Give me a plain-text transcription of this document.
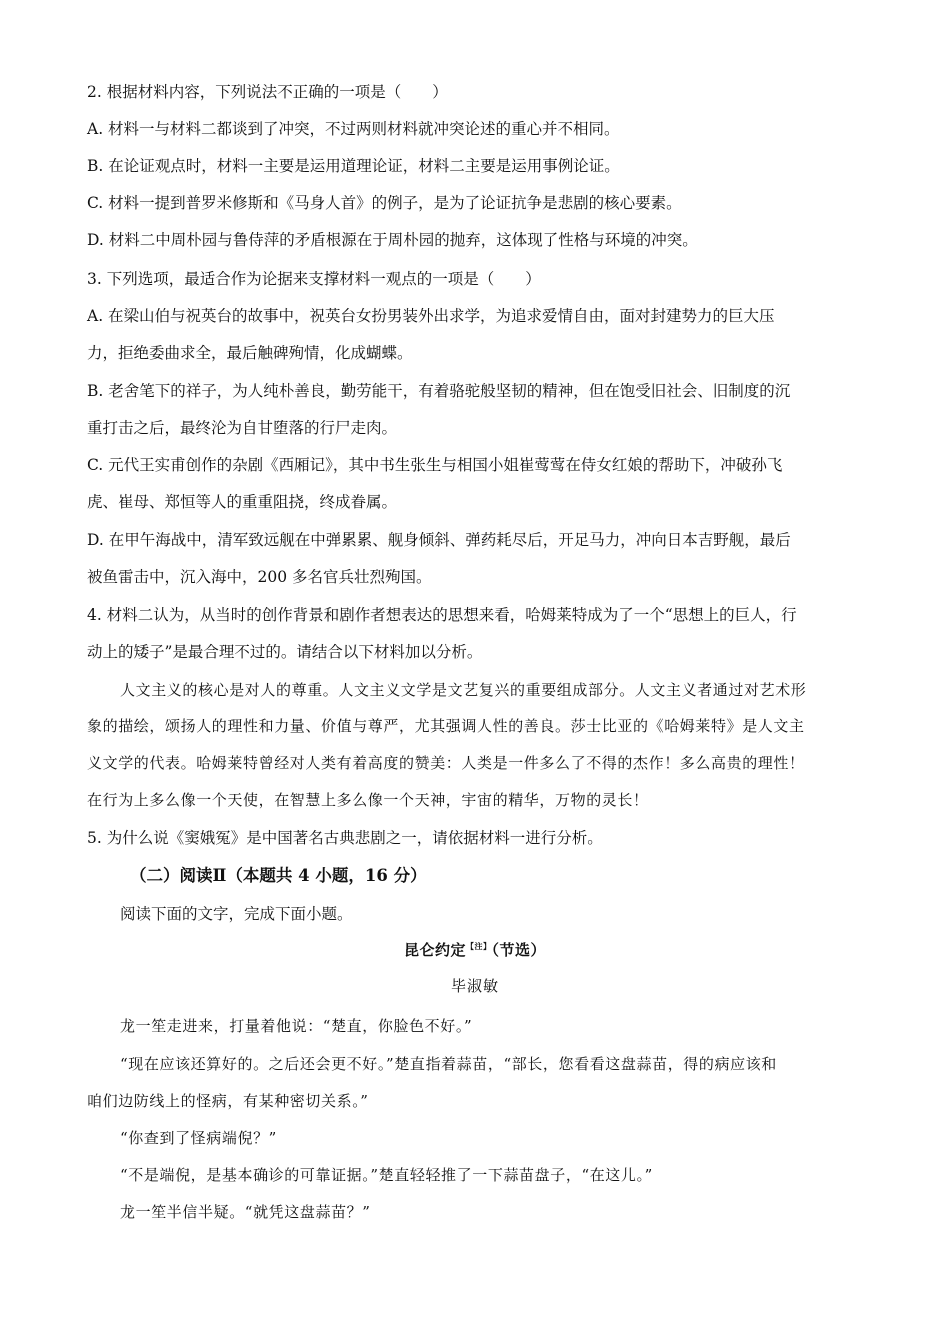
2. 根据材料内容，下列说法不正确的一项是（　　）
A. 材料一与材料二都谈到了冲突，不过两则材料就冲突论述的重心并不相同。
B. 在论证观点时，材料一主要是运用道理论证，材料二主要是运用事例论证。
C. 材料一提到普罗米修斯和《马身人首》的例子，是为了论证抗争是悲剧的核心要素。
D. 材料二中周朴园与鲁侍萍的矛盾根源在于周朴园的抛弃，这体现了性格与环境的冲突。
3. 下列选项，最适合作为论据来支撑材料一观点的一项是（　　）
A. 在梁山伯与祝英台的故事中，祝英台女扮男装外出求学，为追求爱情自由，面对封建势力的巨大压
力，拒绝委曲求全，最后触碑殉情，化成蝴蝶。
B. 老舍笔下的祥子，为人纯朴善良，勤劳能干，有着骆驼般坚韧的精神，但在饱受旧社会、旧制度的沉
重打击之后，最终沦为自甘堕落的行尸走肉。
C. 元代王实甫创作的杂剧《西厢记》，其中书生张生与相国小姐崔莺莺在侍女红娘的帮助下，冲破孙飞
虎、崔母、郑恒等人的重重阻挠，终成眷属。
D. 在甲午海战中，清军致远舰在中弹累累、舰身倾斜、弹药耗尽后，开足马力，冲向日本吉野舰，最后
被鱼雷击中，沉入海中，200 多名官兵壮烈殉国。
4. 材料二认为，从当时的创作背景和剧作者想表达的思想来看，哈姆莱特成为了一个“思想上的巨人，行
动上的矮子”是最合理不过的。请结合以下材料加以分析。
人文主义的核心是对人的尊重。人文主义文学是文艺复兴的重要组成部分。人文主义者通过对艺术形
象的描绘，颂扬人的理性和力量、价值与尊严，尤其强调人性的善良。莎士比亚的《哈姆莱特》是人文主
义文学的代表。哈姆莱特曾经对人类有着高度的赞美：人类是一件多么了不得的杰作！多么高贵的理性！
在行为上多么像一个天使，在智慧上多么像一个天神，宇宙的精华，万物的灵长！
5. 为什么说《窦娥冤》是中国著名古典悲剧之一，请依据材料一进行分析。
（二）阅读Ⅱ（本题共 4 小题，16 分）
阅读下面的文字，完成下面小题。
昆仑约定$^{【注】}$（节选）
毕淑敏
龙一笙走进来，打量着他说：“楚直，你脸色不好。”
“现在应该还算好的。之后还会更不好。”楚直指着蒜苗，“部长，您看看这盘蒜苗，得的病应该和
咱们边防线上的怪病，有某种密切关系。”
“你查到了怪病端倪？”
“不是端倪，是基本确诊的可靠证据。”楚直轻轻推了一下蒜苗盘子，“在这儿。”
龙一笙半信半疑。“就凭这盘蒜苗？”
